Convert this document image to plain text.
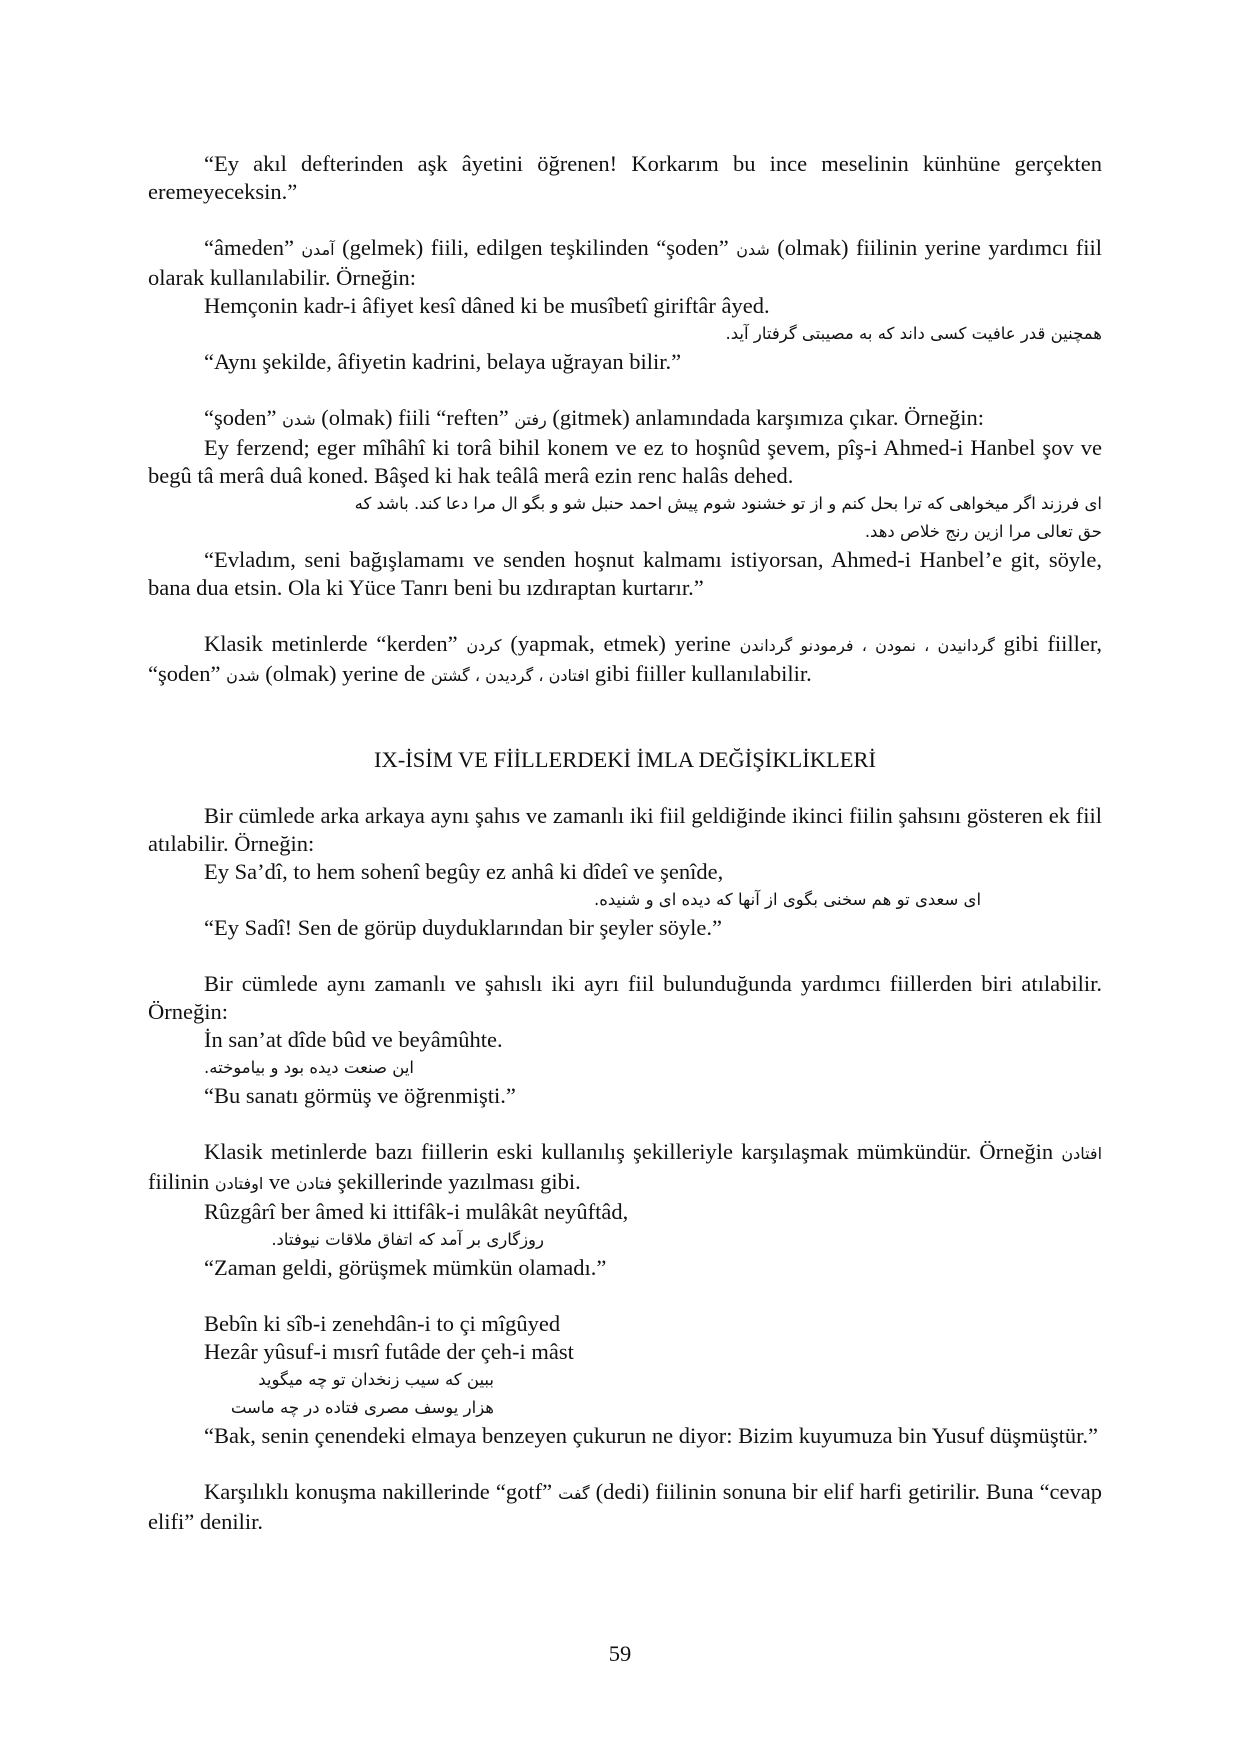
“Ey akıl defterinden aşk âyetini öğrenen! Korkarım bu ince meselinin künhüne gerçekten eremeyeceksin.”

“âmeden” آمدن (gelmek) fiili, edilgen teşkilinden “şoden” شدن (olmak) fiilinin yerine yardımcı fiil olarak kullanılabilir. Örneğin:

Hemçonin kadr-i âfiyet kesî dâned ki be musîbetî giriftâr âyed.

همچنین قدر عافیت کسی داند که به مصیبتی گرفتار آید.

“Aynı şekilde, âfiyetin kadrini, belaya uğrayan bilir.”

“şoden” شدن (olmak) fiili “reften” رفتن (gitmek) anlamındada karşımıza çıkar. Örneğin:

Ey ferzend; eger mîhâhî ki torâ bihil konem ve ez to hoşnûd şevem, pîş-i Ahmed-i Hanbel şov ve begû tâ merâ duâ koned. Bâşed ki hak teâlâ merâ ezin renc halâs dehed.

ای فرزند اگر میخواهی که ترا بحل کنم و از تو خشنود شوم پیش احمد حنبل شو و بگو ال مرا دعا کند. باشد که

حق تعالی مرا ازین رنج خلاص دهد.

“Evladım, seni bağışlamamı ve senden hoşnut kalmamı istiyorsan, Ahmed-i Hanbel’e git, söyle, bana dua etsin. Ola ki Yüce Tanrı beni bu ızdıraptan kurtarır.”

Klasik metinlerde “kerden” کردن (yapmak, etmek) yerine گردانیدن ، نمودن ، فرمودنو گرداندن gibi fiiller, “şoden” شدن (olmak) yerine de افتادن ، گردیدن ، گشتن gibi fiiller kullanılabilir.

IX-İSİM VE FİİLLERDEKİ İMLA DEĞİŞİKLİKLERİ

Bir cümlede arka arkaya aynı şahıs ve zamanlı iki fiil geldiğinde ikinci fiilin şahsını gösteren ek fiil atılabilir. Örneğin:

Ey Sa’dî, to hem sohenî begûy ez anhâ ki dîdeî ve şenîde,

ای سعدی تو هم سخنی بگوی از آنها که دیده ای و شنیده.

“Ey Sadî! Sen de görüp duyduklarından bir şeyler söyle.”

Bir cümlede aynı zamanlı ve şahıslı iki ayrı fiil bulunduğunda yardımcı fiillerden biri atılabilir. Örneğin:

İn san’at dîde bûd ve beyâmûhte.

این صنعت دیده بود و بیاموخته.

“Bu sanatı görmüş ve öğrenmişti.”

Klasik metinlerde bazı fiillerin eski kullanılış şekilleriyle karşılaşmak mümkündür. Örneğin افتادن fiilinin اوفتادن ve فتادن şekillerinde yazılması gibi.

Rûzgârî ber âmed ki ittifâk-i mulâkât neyûftâd,

روزگاری بر آمد که اتفاق ملاقات نیوفتاد.

“Zaman geldi, görüşmek mümkün olamadı.”

Bebîn ki sîb-i zenehdân-i to çi mîgûyed

Hezâr yûsuf-i mısrî futâde der çeh-i mâst

ببین که سیب زنخدان تو چه میگوید

هزار یوسف مصری فتاده در چه ماست

“Bak, senin çenendeki elmaya benzeyen çukurun ne diyor: Bizim kuyumuza bin Yusuf düşmüştür.”

Karşılıklı konuşma nakillerinde “gotf” گفت (dedi) fiilinin sonuna bir elif harfi getirilir. Buna “cevap elifi” denilir.

59
